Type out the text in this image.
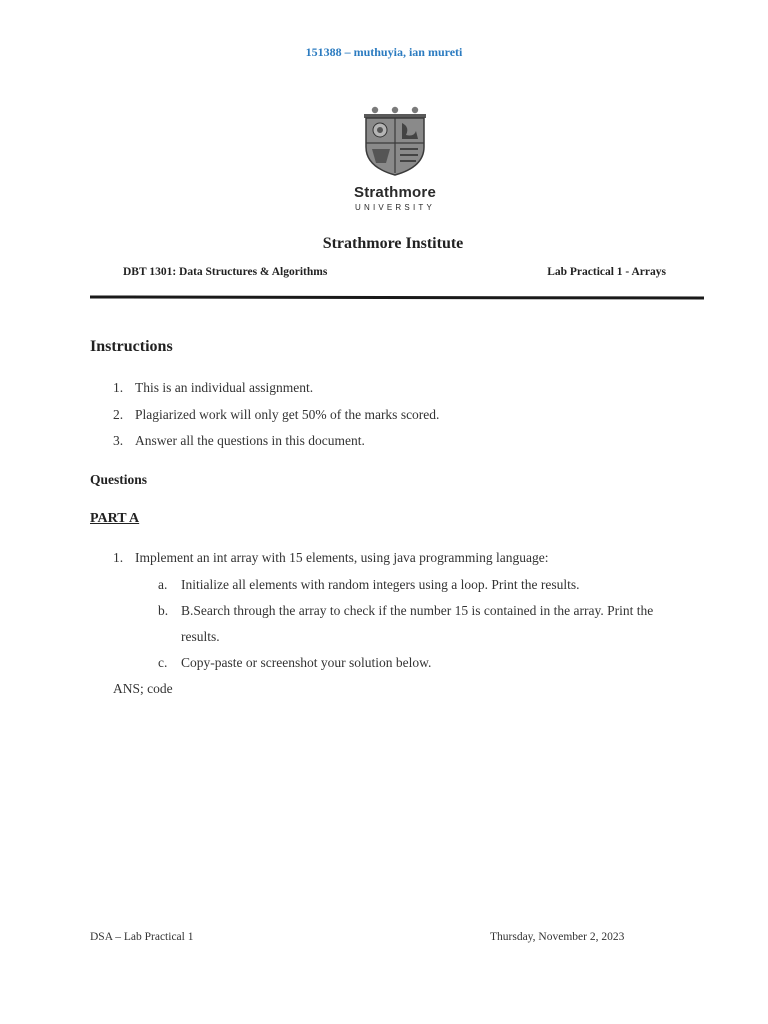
151388 – muthuyia, ian mureti
Strathmore
UNIVERSITY
Strathmore Institute
DBT 1301: Data Structures & Algorithms	Lab Practical 1 - Arrays
Instructions
1. This is an individual assignment.
2. Plagiarized work will only get 50% of the marks scored.
3. Answer all the questions in this document.
Questions
PART A
1. Implement an int array with 15 elements, using java programming language:
a.	Initialize all elements with random integers using a loop. Print the results.
b. B.Search through the array to check if the number 15 is contained in the array. Print the
results.
c.	Copy-paste or screenshot your solution below.
ANS; code
DSA – Lab Practical 1	Thursday, November 2, 2023
